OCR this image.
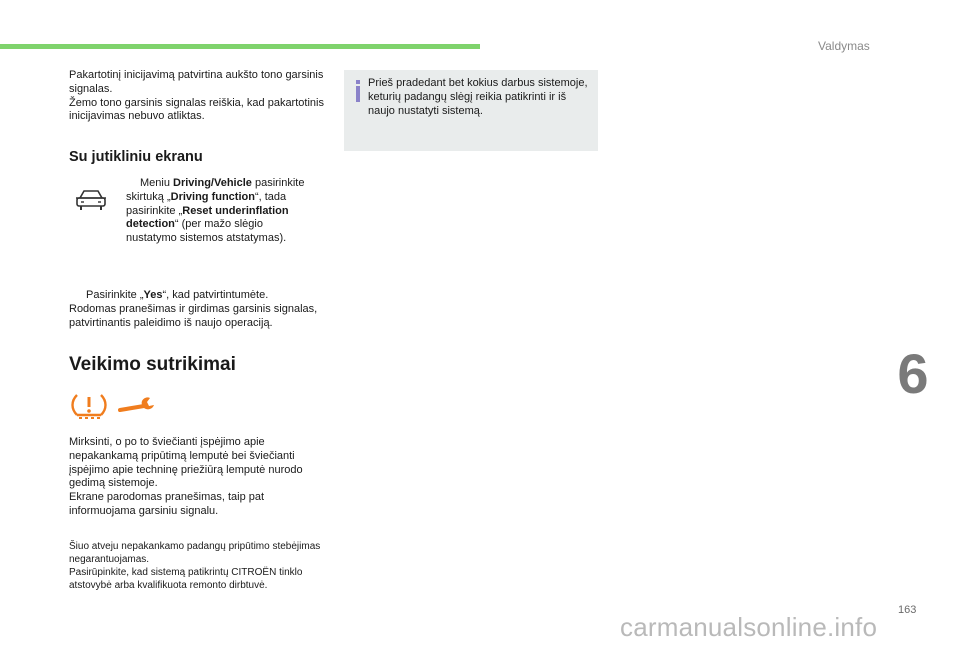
Valdymas
Pakartotinį inicijavimą patvirtina aukšto tono garsinis signalas.
Žemo tono garsinis signalas reiškia, kad pakartotinis inicijavimas nebuvo atliktas.
Su jutikliniu ekranu
Meniu Driving/Vehicle pasirinkite skirtuką „Driving function“, tada pasirinkite „Reset underinflation detection“ (per mažo slėgio nustatymo sistemos atstatymas).
Pasirinkite „Yes“, kad patvirtintumėte.
Rodomas pranešimas ir girdimas garsinis signalas, patvirtinantis paleidimo iš naujo operaciją.
Veikimo sutrikimai
Mirksinti, o po to šviečianti įspėjimo apie nepakankamą pripūtimą lemputė bei šviečianti įspėjimo apie techninę priežiūrą lemputė nurodo gedimą sistemoje.
Ekrane parodomas pranešimas, taip pat informuojama garsiniu signalu.
Šiuo atveju nepakankamo padangų pripūtimo stebėjimas negarantuojamas.
Pasirūpinkite, kad sistemą patikrintų CITROËN tinklo atstovybė arba kvalifikuota remonto dirbtuvė.
Prieš pradedant bet kokius darbus sistemoje, keturių padangų slėgį reikia patikrinti ir iš naujo nustatyti sistemą.
6
163
carmanualsonline.info
